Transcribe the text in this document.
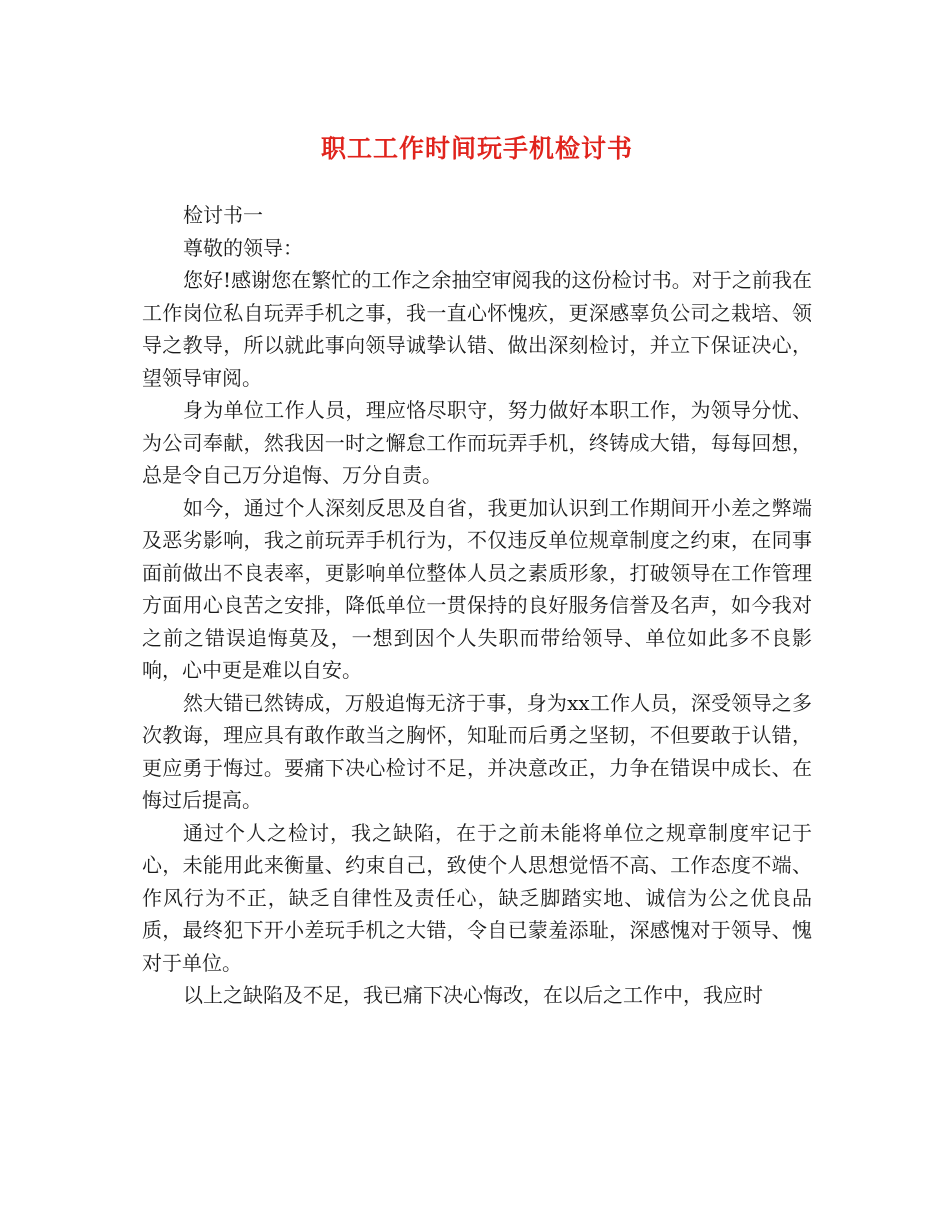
职工工作时间玩手机检讨书

检讨书一

尊敬的领导：

您好!感谢您在繁忙的工作之余抽空审阅我的这份检讨书。对于之前我在工作岗位私自玩弄手机之事，我一直心怀愧疚，更深感辜负公司之栽培、领导之教导，所以就此事向领导诚挚认错、做出深刻检讨，并立下保证决心，望领导审阅。

身为单位工作人员，理应恪尽职守，努力做好本职工作，为领导分忧、为公司奉献，然我因一时之懈怠工作而玩弄手机，终铸成大错，每每回想，总是令自己万分追悔、万分自责。

如今，通过个人深刻反思及自省，我更加认识到工作期间开小差之弊端及恶劣影响，我之前玩弄手机行为，不仅违反单位规章制度之约束，在同事面前做出不良表率，更影响单位整体人员之素质形象，打破领导在工作管理方面用心良苦之安排，降低单位一贯保持的良好服务信誉及名声，如今我对之前之错误追悔莫及，一想到因个人失职而带给领导、单位如此多不良影响，心中更是难以自安。

然大错已然铸成，万般追悔无济于事，身为xx工作人员，深受领导之多次教诲，理应具有敢作敢当之胸怀，知耻而后勇之坚韧，不但要敢于认错，更应勇于悔过。要痛下决心检讨不足，并决意改正，力争在错误中成长、在悔过后提高。

通过个人之检讨，我之缺陷，在于之前未能将单位之规章制度牢记于心，未能用此来衡量、约束自己，致使个人思想觉悟不高、工作态度不端、作风行为不正，缺乏自律性及责任心，缺乏脚踏实地、诚信为公之优良品质，最终犯下开小差玩手机之大错，令自已蒙羞添耻，深感愧对于领导、愧对于单位。

以上之缺陷及不足，我已痛下决心悔改，在以后之工作中，我应时
